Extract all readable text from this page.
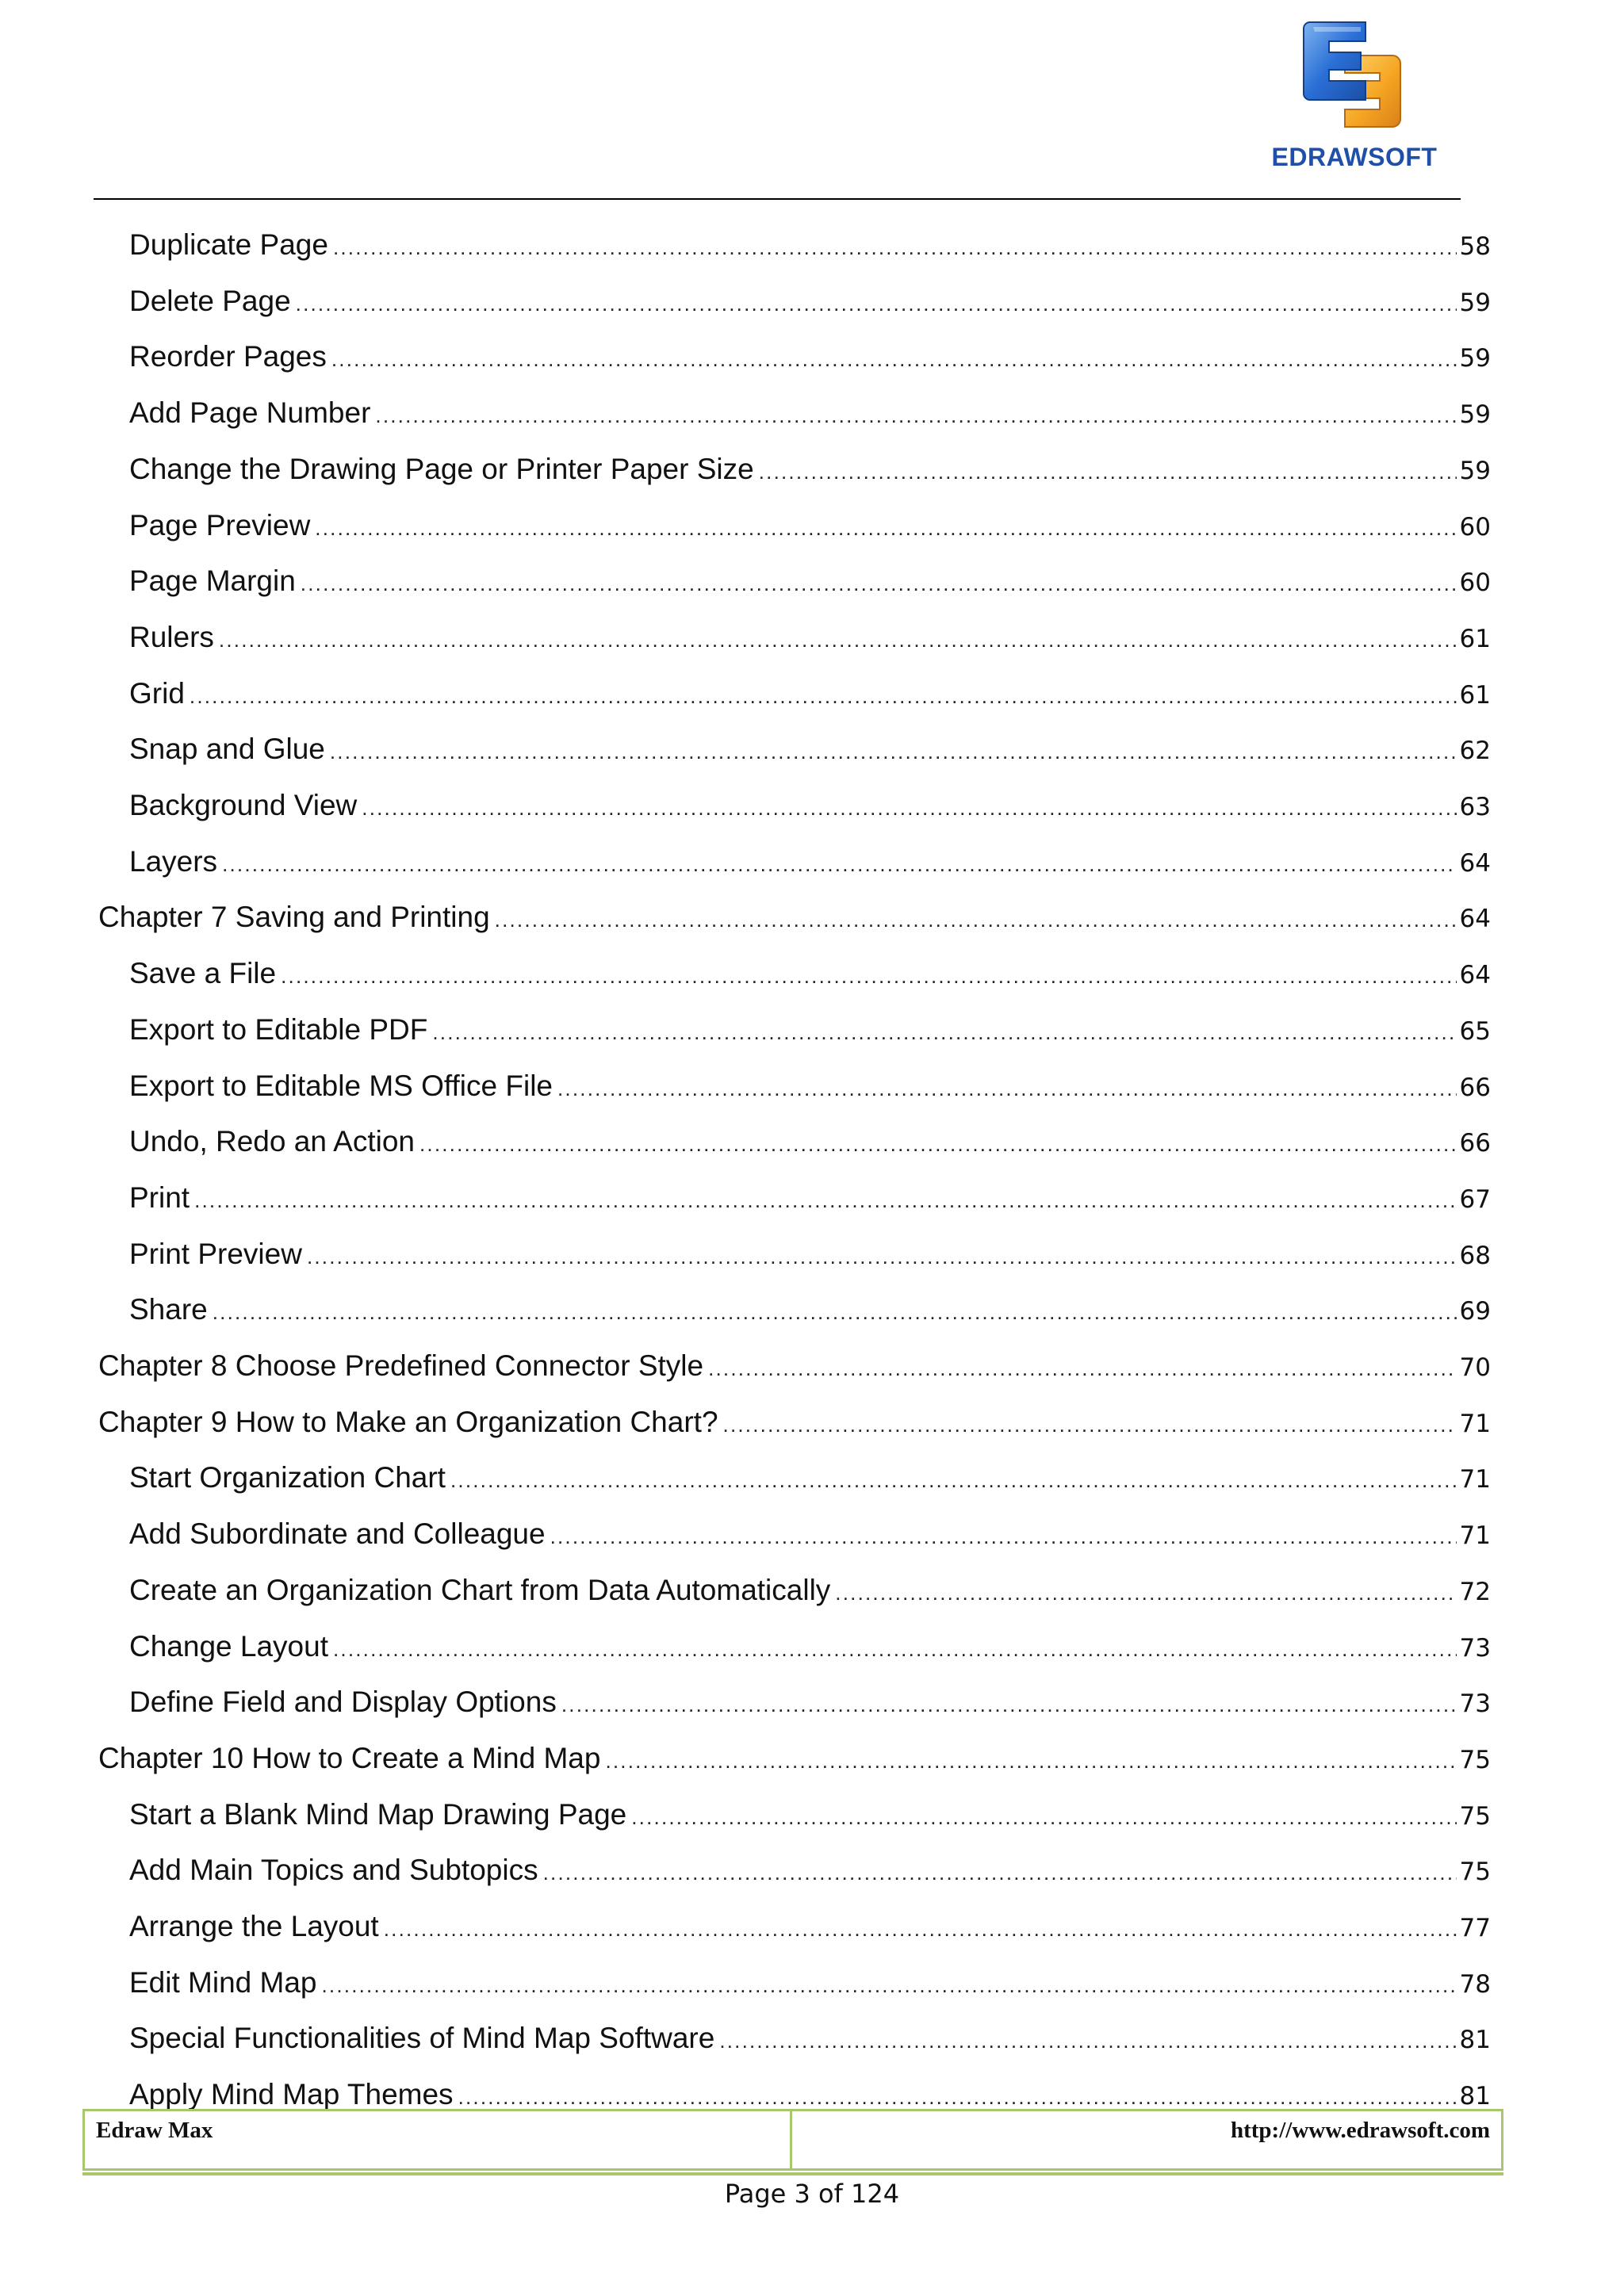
EDRAWSOFT
Duplicate Page .....	58
Delete Page .....	59
Reorder Pages .....	59
Add Page Number .....	59
Change the Drawing Page or Printer Paper Size .....	59
Page Preview .....	60
Page Margin .....	60
Rulers .....	61
Grid .....	61
Snap and Glue .....	62
Background View .....	63
Layers .....	64
Chapter 7 Saving and Printing .....	64
Save a File .....	64
Export to Editable PDF .....	65
Export to Editable MS Office File .....	66
Undo, Redo an Action .....	66
Print .....	67
Print Preview .....	68
Share .....	69
Chapter 8 Choose Predefined Connector Style .....	70
Chapter 9 How to Make an Organization Chart? .....	71
Start Organization Chart .....	71
Add Subordinate and Colleague .....	71
Create an Organization Chart from Data Automatically .....	72
Change Layout .....	73
Define Field and Display Options .....	73
Chapter 10 How to Create a Mind Map .....	75
Start a Blank Mind Map Drawing Page .....	75
Add Main Topics and Subtopics .....	75
Arrange the Layout .....	77
Edit Mind Map .....	78
Special Functionalities of Mind Map Software .....	81
Apply Mind Map Themes .....	81
Edraw Max	http://www.edrawsoft.com
Page 3 of 124
